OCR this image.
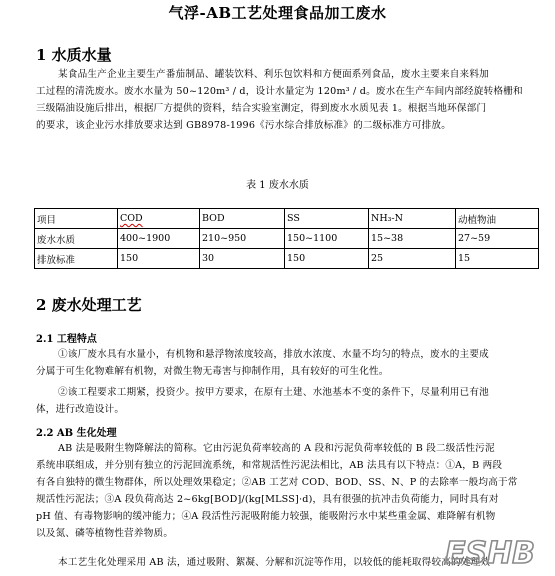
气浮-AB工艺处理食品加工废水
1 水质水量
某食品生产企业主要生产番茄制品、罐装饮料、利乐包饮料和方便面系列食品，废水主要来自来料加
工过程的清洗废水。废水水量为 50~120m³ / d，设计水量定为 120m³ / d。废水在生产车间内部经旋转格栅和
三级隔油设施后排出，根据厂方提供的资料，结合实验室测定，得到废水水质见表 1。根据当地环保部门
的要求，该企业污水排放要求达到 GB8978-1996《污水综合排放标准》的二级标准方可排放。
表 1 废水水质
项目	COD	BOD	SS	NH₃-N	动植物油
废水水质	400~1900	210~950	150~1100	15~38	27~59
排放标准	150	30	150	25	15
2 废水处理工艺
2.1 工程特点
①该厂废水具有水量小，有机物和悬浮物浓度较高，排放水浓度、水量不均匀的特点，废水的主要成
分属于可生化物难解有机物，对微生物无毒害与抑制作用，具有较好的可生化性。
②该工程要求工期紧，投资少。按甲方要求，在原有土建、水池基本不变的条件下，尽量利用已有池
体，进行改造设计。
2.2 AB 生化处理
AB 法是吸附生物降解法的简称。它由污泥负荷率较高的 A 段和污泥负荷率较低的 B 段二级活性污泥
系统串联组成，并分别有独立的污泥回流系统，和常规活性污泥法相比，AB 法具有以下特点：①A，B 两段
有各自独特的微生物群体，所以处理效果稳定；②AB 工艺对 COD、BOD、SS、N、P 的去除率一般均高于常
规活性污泥法；③A 段负荷高达 2~6kg[BOD]/(kg[MLSS]·d)，具有很强的抗冲击负荷能力，同时具有对
pH 值、有毒物影响的缓冲能力；④A 段活性污泥吸附能力较强，能吸附污水中某些重金属、难降解有机物
以及氮、磷等植物性营养物质。
本工艺生化处理采用 AB 法，通过吸附、絮凝、分解和沉淀等作用，以较低的能耗取得较高的处理效
ESHB
